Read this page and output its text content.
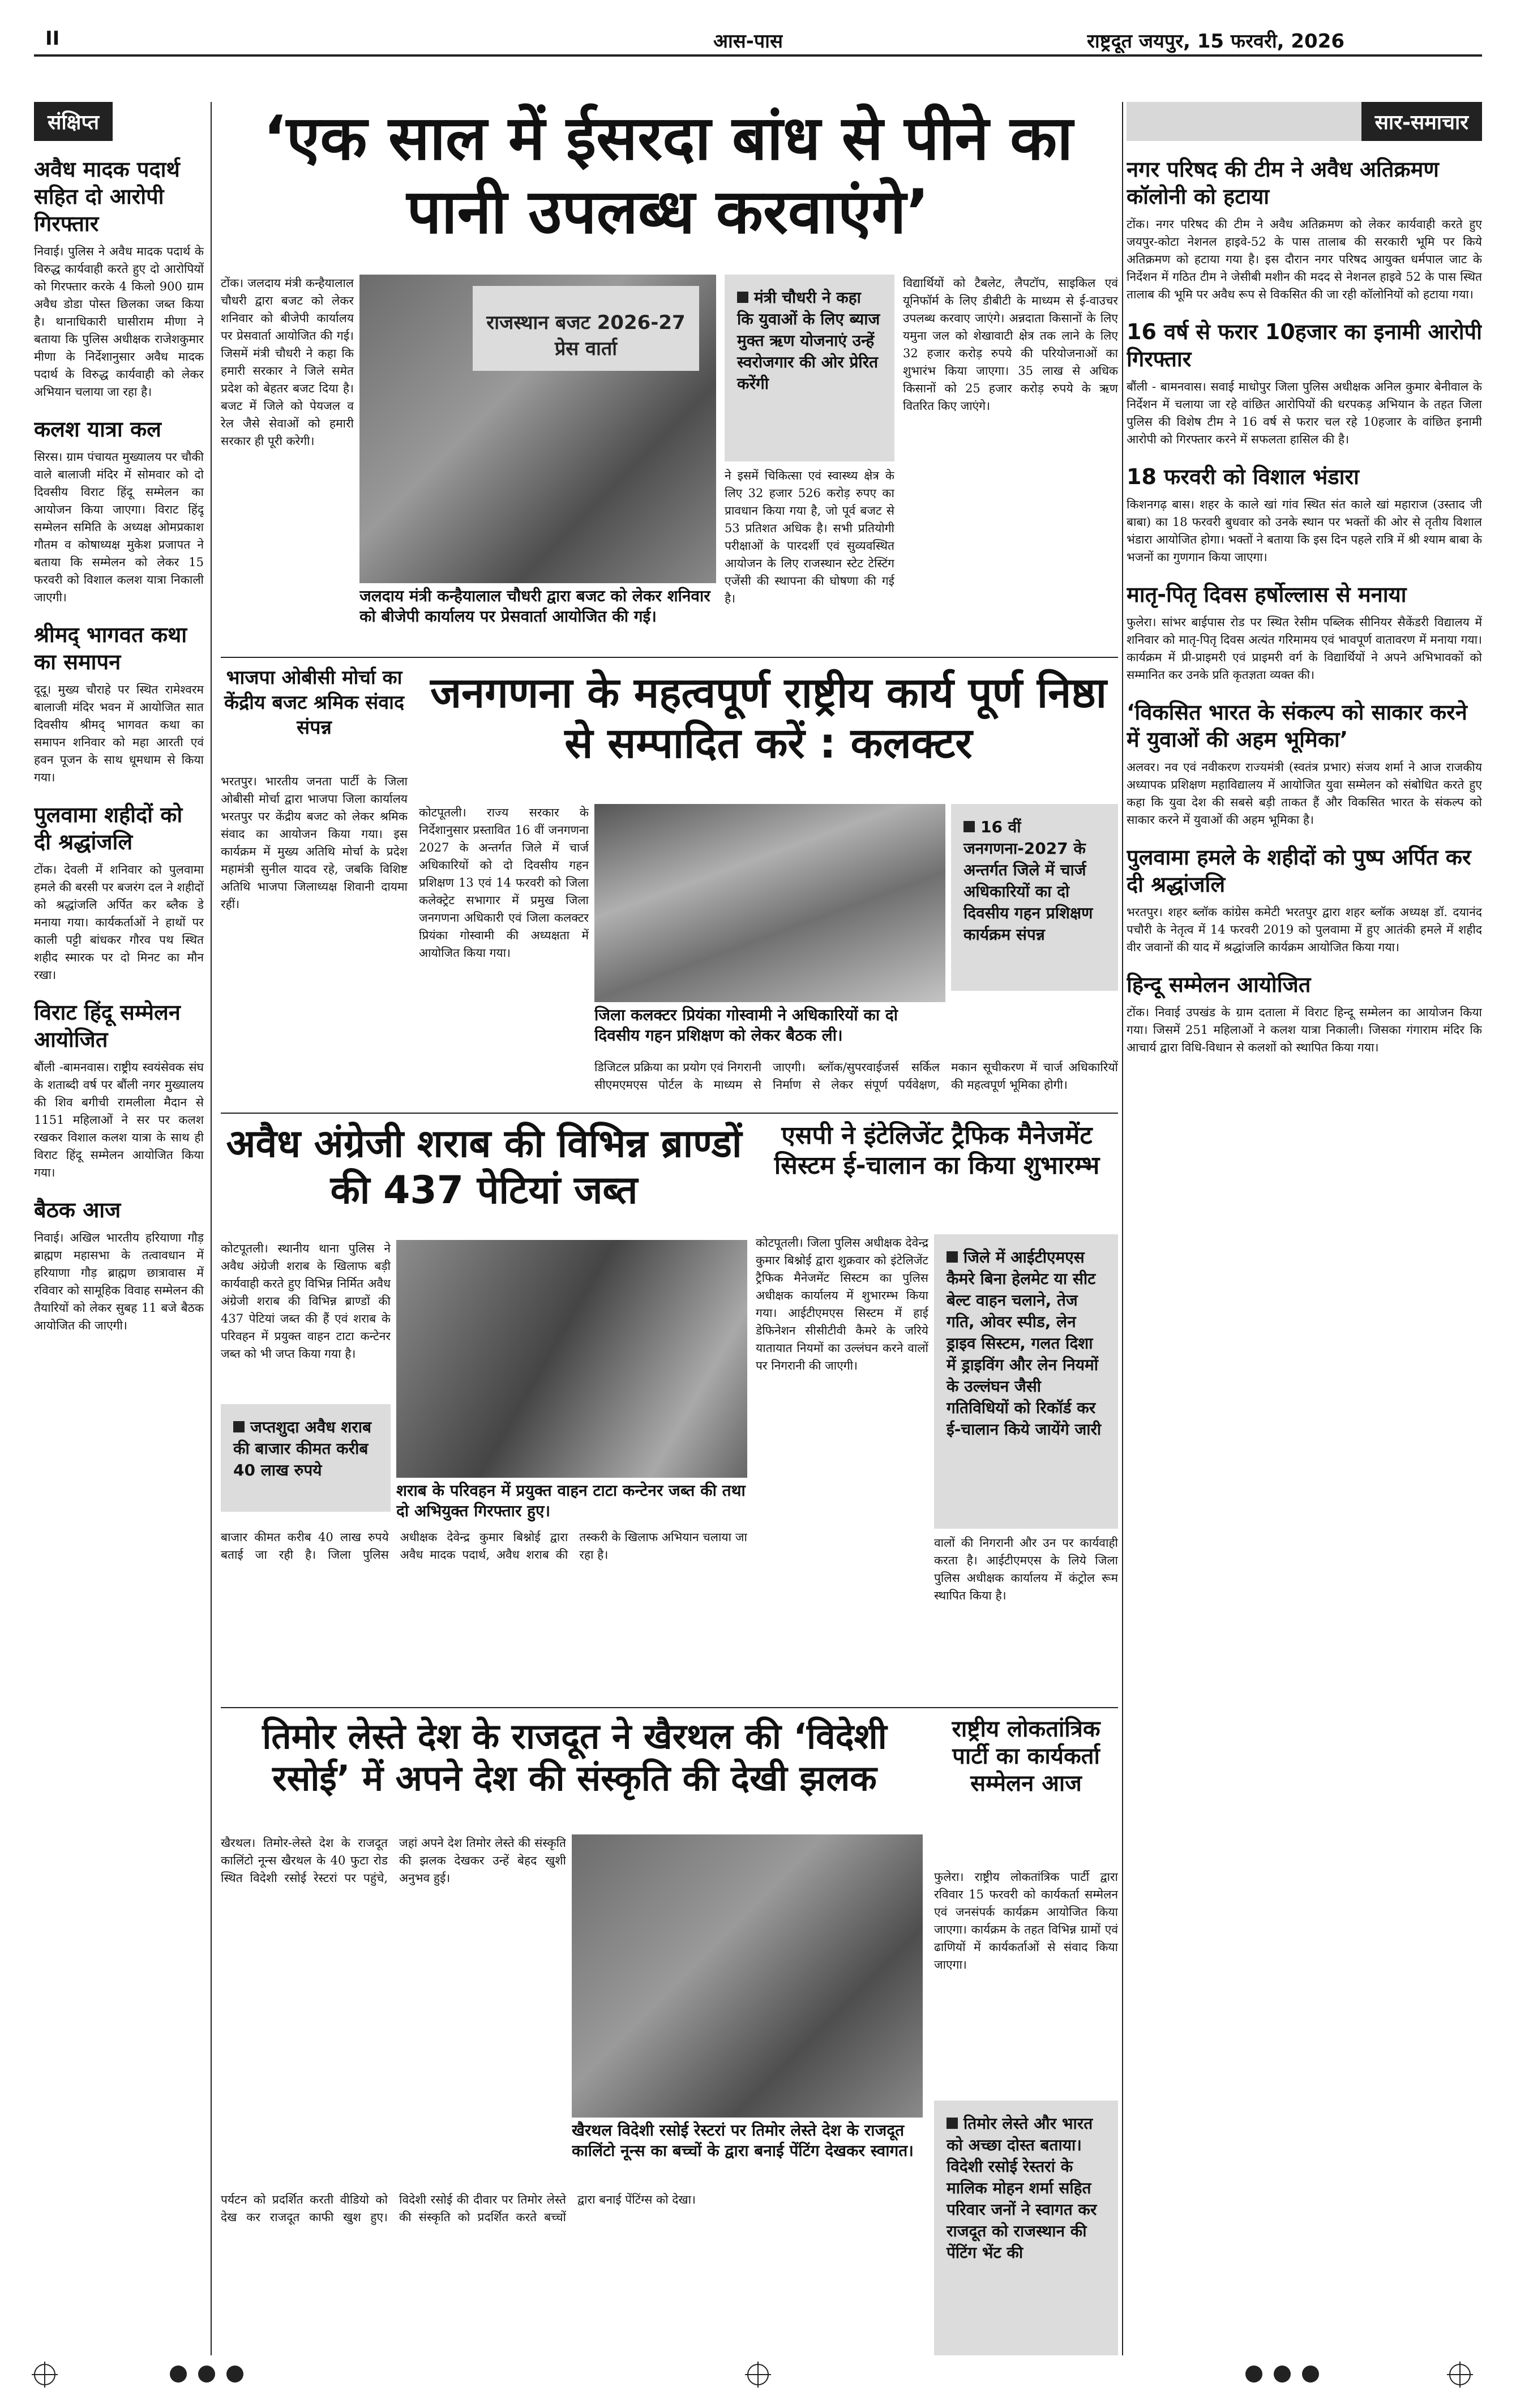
II	आस-पास	राष्ट्रदूत जयपुर, 15 फरवरी, 2026
संक्षिप्त
अवैध मादक पदार्थ सहित दो आरोपी गिरफ्तार

निवाई। पुलिस ने अवैध मादक पदार्थ के विरुद्ध कार्यवाही करते हुए दो आरोपियों को गिरफ्तार करके 4 किलो 900 ग्राम अवैध डोडा पोस्त छिलका जब्त किया है। थानाधिकारी घासीराम मीणा ने बताया कि पुलिस अधीक्षक राजेशकुमार मीणा के निर्देशानुसार अवैध मादक पदार्थ के विरुद्ध कार्यवाही को लेकर अभियान चलाया जा रहा है।

कलश यात्रा कल

सिरस। ग्राम पंचायत मुख्यालय पर चौकी वाले बालाजी मंदिर में सोमवार को दो दिवसीय विराट हिंदू सम्मेलन का आयोजन किया जाएगा। विराट हिंदू सम्मेलन समिति के अध्यक्ष ओमप्रकाश गौतम व कोषाध्यक्ष मुकेश प्रजापत ने बताया कि सम्मेलन को लेकर 15 फरवरी को विशाल कलश यात्रा निकाली जाएगी।

श्रीमद् भागवत कथा का समापन

दूदू। मुख्य चौराहे पर स्थित रामेश्वरम बालाजी मंदिर भवन में आयोजित सात दिवसीय श्रीमद् भागवत कथा का समापन शनिवार को महा आरती एवं हवन पूजन के साथ धूमधाम से किया गया।

पुलवामा शहीदों को दी श्रद्धांजलि

टोंक। देवली में शनिवार को पुलवामा हमले की बरसी पर बजरंग दल ने शहीदों को श्रद्धांजलि अर्पित कर ब्लैक डे मनाया गया। कार्यकर्ताओं ने हाथों पर काली पट्टी बांधकर गौरव पथ स्थित शहीद स्मारक पर दो मिनट का मौन रखा।

विराट हिंदू सम्मेलन आयोजित

बौंली -बामनवास। राष्ट्रीय स्वयंसेवक संघ के शताब्दी वर्ष पर बौंली नगर मुख्यालय की शिव बगीची रामलीला मैदान से 1151 महिलाओं ने सर पर कलश रखकर विशाल कलश यात्रा के साथ ही विराट हिंदू सम्मेलन आयोजित किया गया।

बैठक आज

निवाई। अखिल भारतीय हरियाणा गौड़ ब्राह्मण महासभा के तत्वावधान में हरियाणा गौड़ ब्राह्मण छात्रावास में रविवार को सामूहिक विवाह सम्मेलन की तैयारियों को लेकर सुबह 11 बजे बैठक आयोजित की जाएगी।

‘एक साल में ईसरदा बांध से पीने का पानी उपलब्ध करवाएंगे’
टोंक। जलदाय मंत्री कन्हैयालाल चौधरी द्वारा बजट को लेकर शनिवार को बीजेपी कार्यालय पर प्रेसवार्ता आयोजित की गई। जिसमें मंत्री चौधरी ने कहा कि हमारी सरकार ने जिले समेत प्रदेश को बेहतर बजट दिया है। बजट में जिले को पेयजल व रेल जैसे सेवाओं को हमारी सरकार ही पूरी करेगी।
राजस्थान बजट 2026-27 प्रेस वार्ता
जलदाय मंत्री कन्हैयालाल चौधरी द्वारा बजट को लेकर शनिवार को बीजेपी कार्यालय पर प्रेसवार्ता आयोजित की गई।
मंत्री चौधरी ने कहा कि युवाओं के लिए ब्याज मुक्त ऋण योजनाएं उन्हें स्वरोजगार की ओर प्रेरित करेंगी
ने इसमें चिकित्सा एवं स्वास्थ्य क्षेत्र के लिए 32 हजार 526 करोड़ रुपए का प्रावधान किया गया है, जो पूर्व बजट से 53 प्रतिशत अधिक है। सभी प्रतियोगी परीक्षाओं के पारदर्शी एवं सुव्यवस्थित आयोजन के लिए राजस्थान स्टेट टेस्टिंग एजेंसी की स्थापना की घोषणा की गई है।
विद्यार्थियों को टैबलेट, लैपटॉप, साइकिल एवं यूनिफॉर्म के लिए डीबीटी के माध्यम से ई-वाउचर उपलब्ध करवाए जाएंगे। अन्नदाता किसानों के लिए यमुना जल को शेखावाटी क्षेत्र तक लाने के लिए 32 हजार करोड़ रुपये की परियोजनाओं का शुभारंभ किया जाएगा। 35 लाख से अधिक किसानों को 25 हजार करोड़ रुपये के ऋण वितरित किए जाएंगे।
भाजपा ओबीसी मोर्चा का केंद्रीय बजट श्रमिक संवाद संपन्न
भरतपुर। भारतीय जनता पार्टी के जिला ओबीसी मोर्चा द्वारा भाजपा जिला कार्यालय भरतपुर पर केंद्रीय बजट को लेकर श्रमिक संवाद का आयोजन किया गया। इस कार्यक्रम में मुख्य अतिथि मोर्चा के प्रदेश महामंत्री सुनील यादव रहे, जबकि विशिष्ट अतिथि भाजपा जिलाध्यक्ष शिवानी दायमा रहीं।
जनगणना के महत्वपूर्ण राष्ट्रीय कार्य पूर्ण निष्ठा से सम्पादित करें : कलक्टर
कोटपूतली। राज्य सरकार के निर्देशानुसार प्रस्तावित 16 वीं जनगणना 2027 के अन्तर्गत जिले में चार्ज अधिकारियों को दो दिवसीय गहन प्रशिक्षण 13 एवं 14 फरवरी को जिला कलेक्ट्रेट सभागार में प्रमुख जिला जनगणना अधिकारी एवं जिला कलक्टर प्रियंका गोस्वामी की अध्यक्षता में आयोजित किया गया।
जिला कलक्टर प्रियंका गोस्वामी ने अधिकारियों का दो दिवसीय गहन प्रशिक्षण को लेकर बैठक ली।
16 वीं जनगणना-2027 के अन्तर्गत जिले में चार्ज अधिकारियों का दो दिवसीय गहन प्रशिक्षण कार्यक्रम संपन्न
डिजिटल प्रक्रिया का प्रयोग एवं निगरानी सीएमएमएस पोर्टल के माध्यम से जाएगी। ब्लॉक/सुपरवाईजर्स सर्किल निर्माण से लेकर संपूर्ण पर्यवेक्षण, मकान सूचीकरण में चार्ज अधिकारियों की महत्वपूर्ण भूमिका होगी।
अवैध अंग्रेजी शराब की विभिन्न ब्राण्डों की 437 पेटियां जब्त
कोटपूतली। स्थानीय थाना पुलिस ने अवैध अंग्रेजी शराब के खिलाफ बड़ी कार्यवाही करते हुए विभिन्न निर्मित अवैध अंग्रेजी शराब की विभिन्न ब्राण्डों की 437 पेटियां जब्त की हैं एवं शराब के परिवहन में प्रयुक्त वाहन टाटा कन्टेनर जब्त को भी जप्त किया गया है।
जप्तशुदा अवैध शराब की बाजार कीमत करीब 40 लाख रुपये
शराब के परिवहन में प्रयुक्त वाहन टाटा कन्टेनर जब्त की तथा दो अभियुक्त गिरफ्तार हुए।
बाजार कीमत करीब 40 लाख रुपये बताई जा रही है। जिला पुलिस अधीक्षक देवेन्द्र कुमार बिश्नोई द्वारा अवैध मादक पदार्थ, अवैध शराब की तस्करी के खिलाफ अभियान चलाया जा रहा है।
एसपी ने इंटेलिजेंट ट्रैफिक मैनेजमेंट सिस्टम ई-चालान का किया शुभारम्भ
कोटपूतली। जिला पुलिस अधीक्षक देवेन्द्र कुमार बिश्नोई द्वारा शुक्रवार को इंटेलिजेंट ट्रैफिक मैनेजमेंट सिस्टम का पुलिस अधीक्षक कार्यालय में शुभारम्भ किया गया। आईटीएमएस सिस्टम में हाई डेफिनेशन सीसीटीवी कैमरे के जरिये यातायात नियमों का उल्लंघन करने वालों पर निगरानी की जाएगी।
जिले में आईटीएमएस कैमरे बिना हेलमेट या सीट बेल्ट वाहन चलाने, तेज गति, ओवर स्पीड, लेन ड्राइव सिस्टम, गलत दिशा में ड्राइविंग और लेन नियमों के उल्लंघन जैसी गतिविधियों को रिकॉर्ड कर ई-चालान किये जायेंगे जारी
वालों की निगरानी और उन पर कार्यवाही करता है। आईटीएमएस के लिये जिला पुलिस अधीक्षक कार्यालय में कंट्रोल रूम स्थापित किया है।
तिमोर लेस्ते देश के राजदूत ने खैरथल की ‘विदेशी रसोई’ में अपने देश की संस्कृति की देखी झलक
खैरथल। तिमोर-लेस्ते देश के राजदूत कालिंटो नून्स खैरथल के 40 फुटा रोड स्थित विदेशी रसोई रेस्टरां पर पहुंचे, जहां अपने देश तिमोर लेस्ते की संस्कृति की झलक देखकर उन्हें बेहद खुशी अनुभव हुई।
खैरथल विदेशी रसोई रेस्टरां पर तिमोर लेस्ते देश के राजदूत कालिंटो नून्स का बच्चों के द्वारा बनाई पेंटिंग देखकर स्वागत।
पर्यटन को प्रदर्शित करती वीडियो को देख कर राजदूत काफी खुश हुए। विदेशी रसोई की दीवार पर तिमोर लेस्ते की संस्कृति को प्रदर्शित करते बच्चों द्वारा बनाई पेंटिंग्स को देखा।
राष्ट्रीय लोकतांत्रिक पार्टी का कार्यकर्ता सम्मेलन आज
फुलेरा। राष्ट्रीय लोकतांत्रिक पार्टी द्वारा रविवार 15 फरवरी को कार्यकर्ता सम्मेलन एवं जनसंपर्क कार्यक्रम आयोजित किया जाएगा। कार्यक्रम के तहत विभिन्न ग्रामों एवं ढाणियों में कार्यकर्ताओं से संवाद किया जाएगा।
तिमोर लेस्ते और भारत को अच्छा दोस्त बताया। विदेशी रसोई रेस्तरां के मालिक मोहन शर्मा सहित परिवार जनों ने स्वागत कर राजदूत को राजस्थान की पेंटिंग भेंट की
सार-समाचार
नगर परिषद की टीम ने अवैध अतिक्रमण कॉलोनी को हटाया

टोंक। नगर परिषद की टीम ने अवैध अतिक्रमण को लेकर कार्यवाही करते हुए जयपुर-कोटा नेशनल हाइवे-52 के पास तालाब की सरकारी भूमि पर किये अतिक्रमण को हटाया गया है। इस दौरान नगर परिषद आयुक्त धर्मपाल जाट के निर्देशन में गठित टीम ने जेसीबी मशीन की मदद से नेशनल हाइवे 52 के पास स्थित तालाब की भूमि पर अवैध रूप से विकसित की जा रही कॉलोनियों को हटाया गया।

16 वर्ष से फरार 10हजार का इनामी आरोपी गिरफ्तार

बौंली - बामनवास। सवाई माधोपुर जिला पुलिस अधीक्षक अनिल कुमार बेनीवाल के निर्देशन में चलाया जा रहे वांछित आरोपियों की धरपकड़ अभियान के तहत जिला पुलिस की विशेष टीम ने 16 वर्ष से फरार चल रहे 10हजार के वांछित इनामी आरोपी को गिरफ्तार करने में सफलता हासिल की है।

18 फरवरी को विशाल भंडारा

किशनगढ़ बास। शहर के काले खां गांव स्थित संत काले खां महाराज (उस्ताद जी बाबा) का 18 फरवरी बुधवार को उनके स्थान पर भक्तों की ओर से तृतीय विशाल भंडारा आयोजित होगा। भक्तों ने बताया कि इस दिन पहले रात्रि में श्री श्याम बाबा के भजनों का गुणगान किया जाएगा।

मातृ-पितृ दिवस हर्षोल्लास से मनाया

फुलेरा। सांभर बाईपास रोड पर स्थित रेसीम पब्लिक सीनियर सैकेंडरी विद्यालय में शनिवार को मातृ-पितृ दिवस अत्यंत गरिमामय एवं भावपूर्ण वातावरण में मनाया गया। कार्यक्रम में प्री-प्राइमरी एवं प्राइमरी वर्ग के विद्यार्थियों ने अपने अभिभावकों को सम्मानित कर उनके प्रति कृतज्ञता व्यक्त की।

‘विकसित भारत के संकल्प को साकार करने में युवाओं की अहम भूमिका’

अलवर। नव एवं नवीकरण राज्यमंत्री (स्वतंत्र प्रभार) संजय शर्मा ने आज राजकीय अध्यापक प्रशिक्षण महाविद्यालय में आयोजित युवा सम्मेलन को संबोधित करते हुए कहा कि युवा देश की सबसे बड़ी ताकत हैं और विकसित भारत के संकल्प को साकार करने में युवाओं की अहम भूमिका है।

पुलवामा हमले के शहीदों को पुष्प अर्पित कर दी श्रद्धांजलि

भरतपुर। शहर ब्लॉक कांग्रेस कमेटी भरतपुर द्वारा शहर ब्लॉक अध्यक्ष डॉ. दयानंद पचौरी के नेतृत्व में 14 फरवरी 2019 को पुलवामा में हुए आतंकी हमले में शहीद वीर जवानों की याद में श्रद्धांजलि कार्यक्रम आयोजित किया गया।

हिन्दू सम्मेलन आयोजित

टोंक। निवाई उपखंड के ग्राम दताला में विराट हिन्दू सम्मेलन का आयोजन किया गया। जिसमें 251 महिलाओं ने कलश यात्रा निकाली। जिसका गंगाराम मंदिर कि आचार्य द्वारा विधि-विधान से कलशों को स्थापित किया गया।
